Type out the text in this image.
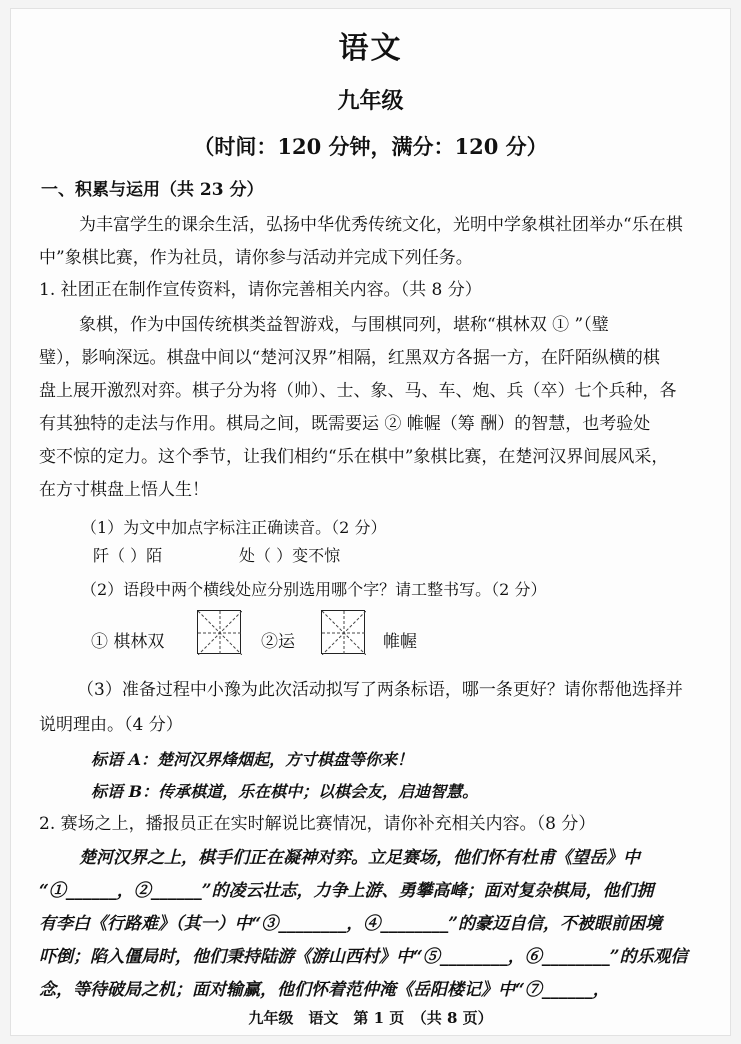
语文
九年级
（时间：120 分钟，满分：120 分）
一、积累与运用（共 23 分）
为丰富学生的课余生活，弘扬中华优秀传统文化，光明中学象棋社团举办“乐在棋
中”象棋比赛，作为社员，请你参与活动并完成下列任务。
1. 社团正在制作宣传资料，请你完善相关内容。（共 8 分）
象棋，作为中国传统棋类益智游戏，与围棋同列，堪称“棋林双 ① ”（璧
璧），影响深远。棋盘中间以“楚河汉界”相隔，红黑双方各据一方，在阡陌纵横的棋
盘上展开激烈对弈。棋子分为将（帅）、士、象、马、车、炮、兵（卒）七个兵种，各
有其独特的走法与作用。棋局之间，既需要运 ② 帷幄（筹 酬）的智慧，也考验处
变不惊的定力。这个季节，让我们相约“乐在棋中”象棋比赛，在楚河汉界间展风采，
在方寸棋盘上悟人生！
（1）为文中加点字标注正确读音。（2 分）
阡（ ）陌	处（ ）变不惊
（2）语段中两个横线处应分别选用哪个字？请工整书写。（2 分）
① 棋林双	②运	帷幄
（3）准备过程中小豫为此次活动拟写了两条标语，哪一条更好？请你帮他选择并
说明理由。（4 分）
标语 A：楚河汉界烽烟起，方寸棋盘等你来！
标语 B：传承棋道，乐在棋中；以棋会友，启迪智慧。
2. 赛场之上，播报员正在实时解说比赛情况，请你补充相关内容。（8 分）
楚河汉界之上，棋手们正在凝神对弈。立足赛场，他们怀有杜甫《望岳》中
“①______，②______”的凌云壮志，力争上游、勇攀高峰；面对复杂棋局，他们拥
有李白《行路难》（其一）中“③________，④________”的豪迈自信，不被眼前困境
吓倒；陷入僵局时，他们秉持陆游《游山西村》中“⑤________，⑥________”的乐观信
念，等待破局之机；面对输赢，他们怀着范仲淹《岳阳楼记》中“⑦______，
九年级　语文　第 1 页　（共 8 页）
